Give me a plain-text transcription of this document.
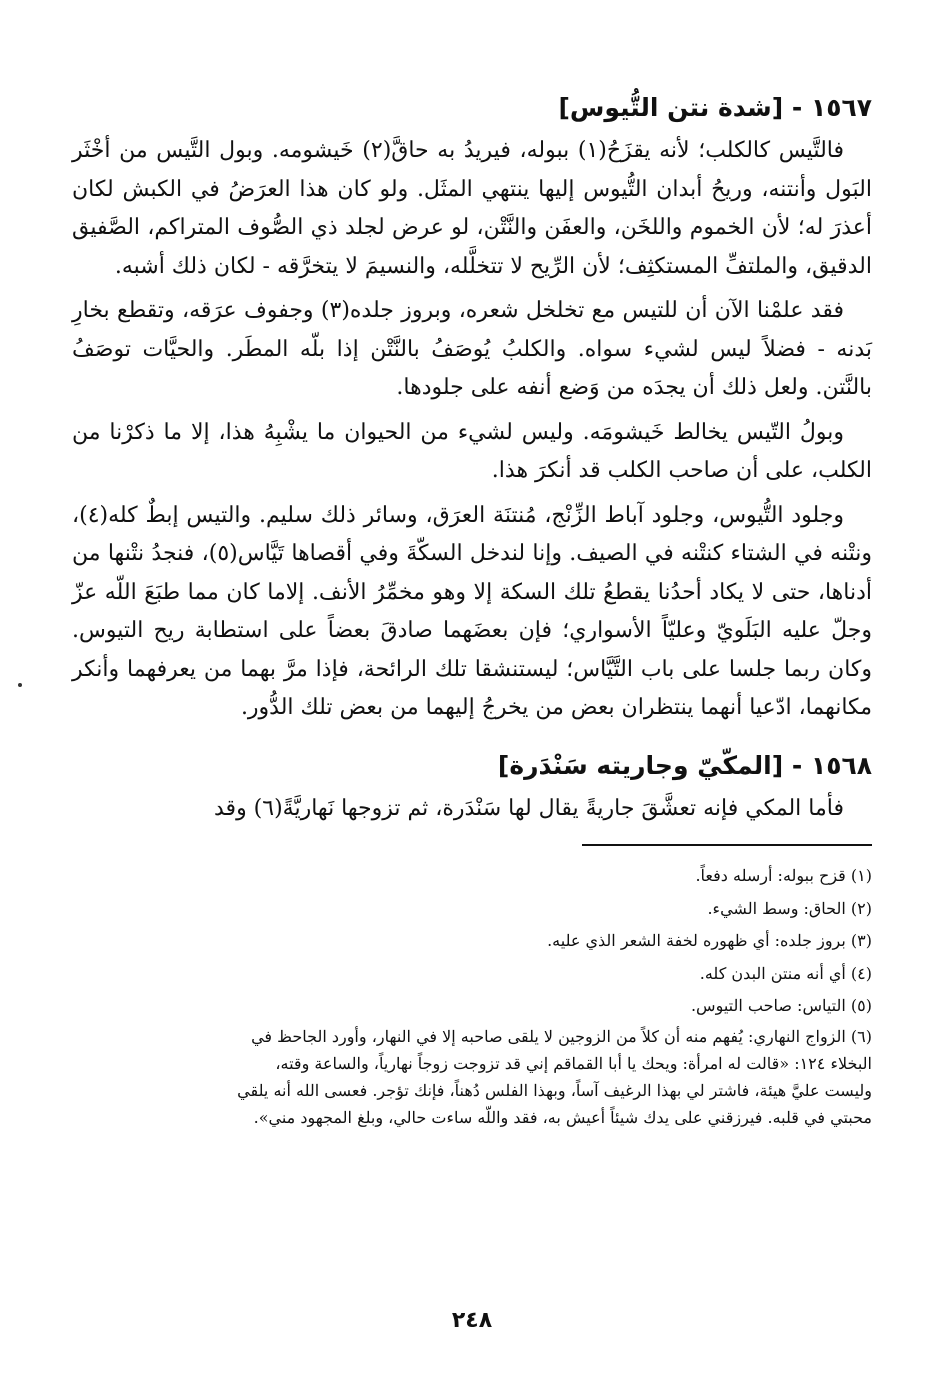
١٥٦٧ - [شدة نتن التُّيوس]

فالتَّيس كالكلب؛ لأنه يقزَحُ(١) ببوله، فيريدُ به حاقَّ(٢) خَيشومه. وبول التَّيس من أخْثَر البَول وأنتنه، وريحُ أبدان التُّيوس إليها ينتهي المثَل. ولو كان هذا العرَضُ في الكبش لكان أعذرَ له؛ لأن الخموم واللخَن، والعفَن والنَّتْن، لو عرض لجلد ذي الصُّوف المتراكم، الصَّفيق الدقيق، والملتفِّ المستكثِف؛ لأن الرِّيح لا تتخلَّله، والنسيمَ لا يتخرَّقه - لكان ذلك أشبه.

فقد علمْنا الآن أن للتيس مع تخلخل شعره، وبروز جلده(٣) وجفوف عرَقه، وتقطع بخارِ بَدنه - فضلاً ليس لشيء سواه. والكلبُ يُوصَفُ بالنَّتْن إذا بلّه المطَر. والحيَّات توصَفُ بالنَّتن. ولعل ذلك أن يجدَه من وَضع أنفه على جلودها.

وبولُ التّيس يخالط خَيشومَه. وليس لشيء من الحيوان ما يشْبِهُ هذا، إلا ما ذكرْنا من الكلب، على أن صاحب الكلب قد أنكرَ هذا.

وجلود التُّيوس، وجلود آباط الزِّنْج، مُنتنَة العرَق، وسائر ذلك سليم. والتيس إبطٌ كله(٤)، ونتْنه في الشتاء كنتْنه في الصيف. وإنا لندخل السكّةَ وفي أقصاها تَيَّاس(٥)، فنجدُ نتْنها من أدناها، حتى لا يكاد أحدُنا يقطعُ تلك السكة إلا وهو مخمِّرُ الأنف. إلاما كان مما طبَعَ اللّه عزّ وجلّ عليه البَلَويّ وعليّاً الأسواري؛ فإن بعضَهما صادقَ بعضاً على استطابة ريح التيوس. وكان ربما جلسا على باب التَّيَّاس؛ ليستنشقا تلك الرائحة، فإذا مرَّ بهما من يعرفهما وأنكر مكانهما، ادّعيا أنهما ينتظران بعض من يخرجُ إليهما من بعض تلك الدُّور.

١٥٦٨ - [المكّيّ وجاريته سَنْدَرة]

فأما المكي فإنه تعشَّقَ جاريةً يقال لها سَنْدَرة، ثم تزوجها نَهاريَّةً(٦) وقد

(١) قزح ببوله: أرسله دفعاً.

(٢) الحاق: وسط الشيء.

(٣) بروز جلده: أي ظهوره لخفة الشعر الذي عليه.

(٤) أي أنه منتن البدن كله.

(٥) التياس: صاحب التيوس.

(٦) الزواج النهاري: يُفهم منه أن كلاً من الزوجين لا يلقى صاحبه إلا في النهار، وأورد الجاحظ في

البخلاء ١٢٤: «قالت له امرأة: ويحك يا أبا القماقم إني قد تزوجت زوجاً نهارياً، والساعة وقته،

وليست عليَّ هيئة، فاشتر لي بهذا الرغيف آساً، وبهذا الفلس دُهناً، فإنك تؤجر. فعسى الله أنه يلقي

محبتي في قلبه. فيرزقني على يدك شيئاً أعيش به، فقد واللّه ساءت حالي، وبلغ المجهود مني».

٢٤٨
